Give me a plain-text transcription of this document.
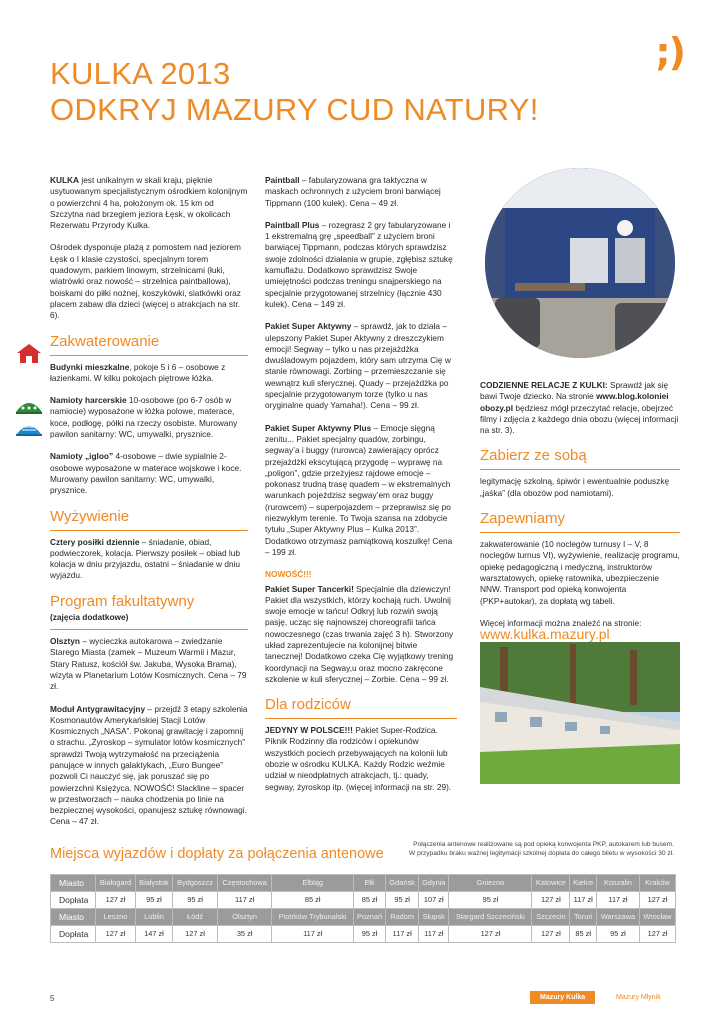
;)
KULKA 2013
ODKRYJ MAZURY CUD NATURY!

KULKA jest unikalnym w skali kraju, pięknie usytuowanym specjalistycznym ośrodkiem kolonijnym o powierzchni 4 ha, położonym ok. 15 km od Szczytna nad brzegiem jeziora Łęsk, w okolicach Rezerwatu Przyrody Kulka.

Ośrodek dysponuje plażą z pomostem nad jeziorem Łęsk o I klasie czystości, specjalnym torem quadowym, parkiem linowym, strzelnicami (łuki, wiatrówki oraz nowość – strzelnica paintballowa), boiskami do piłki nożnej, koszykówki, siatkówki oraz placem zabaw dla dzieci (więcej o atrakcjach na str. 6).

Zakwaterowanie

Budynki mieszkalne, pokoje 5 i 6 – osobowe z łazienkami. W kilku pokojach piętrowe łóżka.

Namioty harcerskie 10-osobowe (po 6-7 osób w namiocie) wyposażone w łóżka polowe, materace, koce, podłogę, półki na rzeczy osobiste. Murowany pawilon sanitarny: WC, umywalki, prysznice.

Namioty „igloo” 4-osobowe – dwie sypialnie 2-osobowe wyposażone w materace wojskowe i koce. Murowany pawilon sanitarny: WC, umywalki, prysznice.

Wyżywienie

Cztery posiłki dziennie – śniadanie, obiad, podwieczorek, kolacja. Pierwszy posiłek – obiad lub kolacja w dniu przyjazdu, ostatni – śniadanie w dniu wyjazdu.

Program fakultatywny
(zajęcia dodatkowe)

Olsztyn – wycieczka autokarowa – zwiedzanie Starego Miasta (zamek – Muzeum Warmii i Mazur, Stary Ratusz, kościół św. Jakuba, Wysoka Brama), wizyta w Planetarium Lotów Kosmicznych. Cena – 79 zł.

Moduł Antygrawitacyjny – przejdź 3 etapy szkolenia Kosmonautów Amerykańskiej Stacji Lotów Kosmicznych „NASA”. Pokonaj grawitację i zapomnij o strachu. „Żyroskop – symulator lotów kosmicznych” sprawdzi Twoją wytrzymałość na przeciążenia panujące w innych galaktykach, „Euro Bungee” pozwoli Ci nauczyć się, jak poruszać się po powierzchni Księżyca. NOWOŚĆ! Slackline – spacer w przestworzach – nauka chodzenia po linie na bezpiecznej wysokości, opanujesz sztukę równowagi. Cena – 47 zł.

Paintball – fabularyzowana gra taktyczna w maskach ochronnych z użyciem broni barwiącej Tippmann (100 kulek). Cena – 49 zł.

Paintball Plus – rozegrasz 2 gry fabularyzowane i 1 ekstremalną grę „speedball” z użyciem broni barwiącej Tippmann, podczas których sprawdzisz swoje zdolności działania w grupie, zgłębisz sztukę kamuflażu. Dodatkowo sprawdzisz Swoje umiejętności podczas treningu snajperskiego na specjalnie przygotowanej strzelnicy (łącznie 430 kulek). Cena – 149 zł.

Pakiet Super Aktywny – sprawdź, jak to działa – ulepszony Pakiet Super Aktywny z dreszczykiem emocji! Segway – tylko u nas przejażdżka dwuśladowym pojazdem, który sam utrzyma Cię w stanie równowagi. Zorbing – przemieszczanie się wewnątrz kuli sferycznej. Quady – przejażdżka po specjalnie przygotowanym torze (tylko u nas oryginalne quady Yamaha!). Cena – 99 zł.

Pakiet Super Aktywny Plus – Emocje sięgną zenitu... Pakiet specjalny quadów, zorbingu, segway’a i buggy (rurowca) zawierający oprócz przejażdżki ekscytującą przygodę – wyprawę na „poligon”, gdzie przeżyjesz rajdowe emocje – pokonasz trudną trasę quadem – w ekstremalnych warunkach pojeździsz segway’em oraz buggy (rurowcem) – superpojazdem – przeprawisz się po niezwykłym terenie. To Twoja szansa na zdobycie tytułu „Super Aktywny Plus – Kulka 2013”. Dodatkowo otrzymasz pamiątkową koszulkę! Cena – 199 zł.

NOWOŚĆ!!!

Pakiet Super Tancerki! Specjalnie dla dziewczyn! Pakiet dla wszystkich, którzy kochają ruch. Uwolnij swoje emocje w tańcu! Odkryj lub rozwiń swoją pasję, ucząc się najnowszej choreografii tańca nowoczesnego (czas trwania zajęć 3 h). Stworzony układ zaprezentujecie na kolonijnej bitwie tanecznej! Dodatkowo czeka Cię wyjątkowy trening koordynacji na Segway,u oraz mocno zakręcone szkolenie w kuli sferycznej – Zorbie. Cena – 99 zł.

Dla rodziców

JEDYNY W POLSCE!!! Pakiet Super-Rodzica. Piknik Rodzinny dla rodziców i opiekunów wszystkich pociech przebywających na kolonii lub obozie w ośrodku KULKA. Każdy Rodzic weźmie udział w nieodpłatnych atrakcjach, tj.: quady, segway, żyroskop itp. (więcej informacji na str. 29).

CODZIENNE RELACJE Z KULKI: Sprawdź jak się bawi Twoje dziecko. Na stronie www.blog.koloniei​obozy.pl będziesz mógł przeczytać relacje, obejrzeć filmy i zdjęcia z każdego dnia obozu (więcej informacji na str. 3).

Zabierz ze sobą

legitymację szkolną, śpiwór i ewentualnie poduszkę „jaśka” (dla obozów pod namiotami).

Zapewniamy

zakwaterowanie (10 noclegów turnusy I – V, 8 noclegów turnus VI), wyżywienie, realizację programu, opiekę pedagogiczną i medyczną, instruktorów warsztatowych, opiekę ratownika, ubezpieczenie NNW. Transport pod opieką konwojenta (PKP+autokar), za dopłatą wg tabeli.

Więcej informacji można znaleźć na stronie:
www.kulka.mazury.pl
Miejsca wyjazdów i dopłaty za połączenia antenowe
Połączenia antenowe realizowane są pod opieką konwojenta PKP, autokarem lub busem.
W przypadku braku ważnej legitymacji szkolnej dopłata do całego biletu w wysokości 30 zł.
Miasto	Białogard	Białystok	Bydgoszcz	Częstochowa	Elbląg	Ełk	Gdańsk	Gdynia	Gniezno	Katowice	Kielce	Koszalin	Kraków
Dopłata	127 zł	95 zł	95 zł	117 zł	85 zł	85 zł	95 zł	107 zł	95 zł	127 zł	117 zł	117 zł	127 zł
Miasto	Leszno	Lublin	Łódź	Olsztyn	Piotrków Trybunalski	Poznań	Radom	Słupsk	Stargard Szczeciński	Szczecin	Toruń	Warszawa	Wrocław
Dopłata	127 zł	147 zł	127 zł	35 zł	117 zł	95 zł	117 zł	117 zł	127 zł	127 zł	85 zł	95 zł	127 zł
5	Mazury Kulka	Mazury Młynik
